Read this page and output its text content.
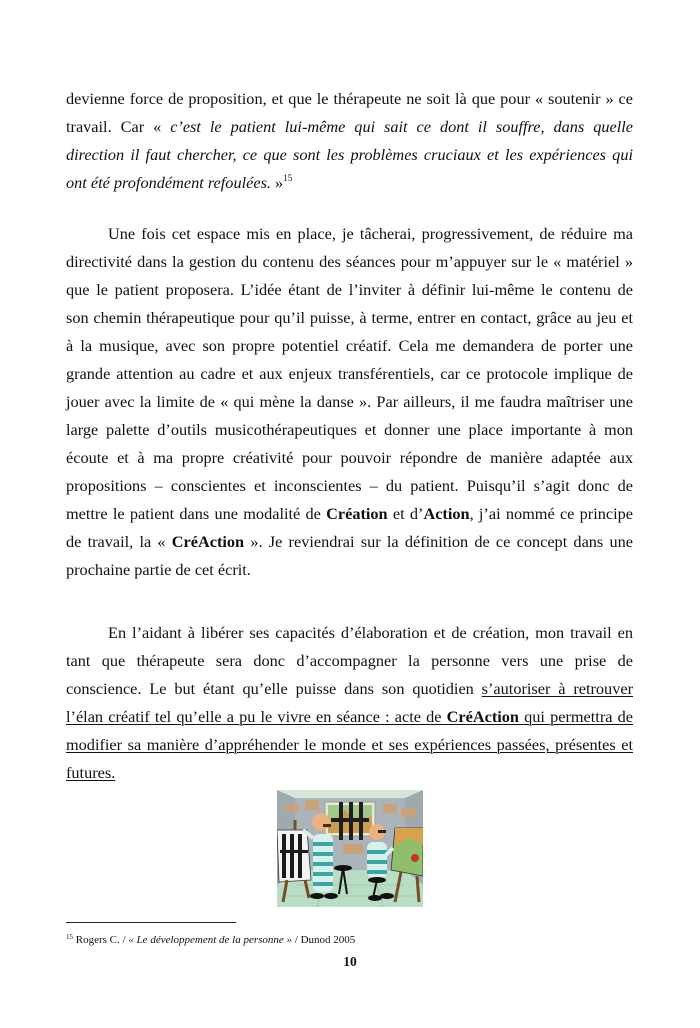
devienne force de proposition, et que le thérapeute ne soit là que pour « soutenir » ce
travail. Car « c’est le patient lui-même qui sait ce dont il souffre, dans quelle
direction il faut chercher, ce que sont les problèmes cruciaux et les expériences qui
ont été profondément refoulées. »$^{15}$
Une fois cet espace mis en place, je tâcherai, progressivement, de réduire ma
directivité dans la gestion du contenu des séances pour m’appuyer sur le « matériel »
que le patient proposera. L’idée étant de l’inviter à définir lui-même le contenu de
son chemin thérapeutique pour qu’il puisse, à terme, entrer en contact, grâce au jeu et
à la musique, avec son propre potentiel créatif. Cela me demandera de porter une
grande attention au cadre et aux enjeux transférentiels, car ce protocole implique de
jouer avec la limite de « qui mène la danse ». Par ailleurs, il me faudra maîtriser une
large palette d’outils musicothérapeutiques et donner une place importante à mon
écoute et à ma propre créativité pour pouvoir répondre de manière adaptée aux
propositions – conscientes et inconscientes – du patient. Puisqu’il s’agit donc de
mettre le patient dans une modalité de Création et d’Action, j’ai nommé ce principe
de travail, la « CréAction ». Je reviendrai sur la définition de ce concept dans une
prochaine partie de cet écrit.
En l’aidant à libérer ses capacités d’élaboration et de création, mon travail en
tant que thérapeute sera donc d’accompagner la personne vers une prise de
conscience. Le but étant qu’elle puisse dans son quotidien s’autoriser à retrouver
l’élan créatif tel qu’elle a pu le vivre en séance : acte de CréAction qui permettra de
modifier sa manière d’appréhender le monde et ses expériences passées, présentes et
futures.
$^{15}$ Rogers C. / « Le développement de la personne » / Dunod 2005
10
